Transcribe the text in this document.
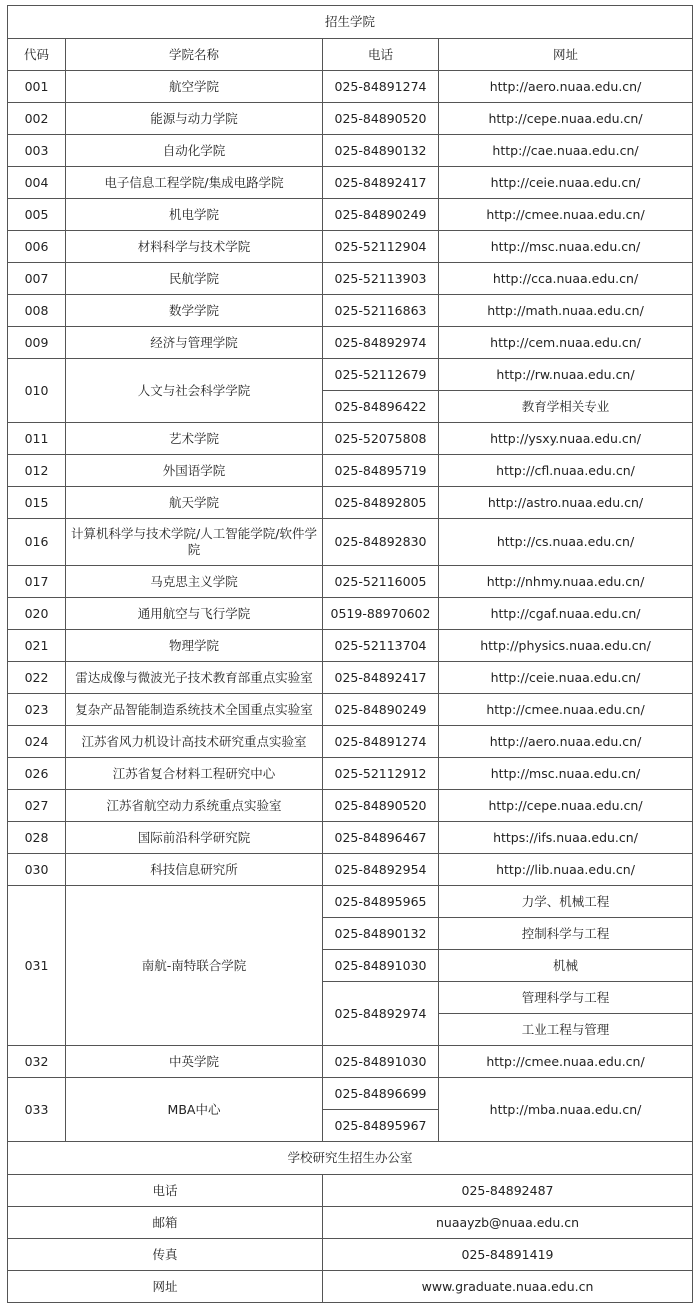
招生学院			
代码	学院名称	电话	网址
001	航空学院	025-84891274	http://aero.nuaa.edu.cn/
002	能源与动力学院	025-84890520	http://cepe.nuaa.edu.cn/
003	自动化学院	025-84890132	http://cae.nuaa.edu.cn/
004	电子信息工程学院/集成电路学院	025-84892417	http://ceie.nuaa.edu.cn/
005	机电学院	025-84890249	http://cmee.nuaa.edu.cn/
006	材料科学与技术学院	025-52112904	http://msc.nuaa.edu.cn/
007	民航学院	025-52113903	http://cca.nuaa.edu.cn/
008	数学学院	025-52116863	http://math.nuaa.edu.cn/
009	经济与管理学院	025-84892974	http://cem.nuaa.edu.cn/
010	人文与社会科学学院	025-52112679	http://rw.nuaa.edu.cn/
		025-84896422	教育学相关专业
011	艺术学院	025-52075808	http://ysxy.nuaa.edu.cn/
012	外国语学院	025-84895719	http://cfl.nuaa.edu.cn/
015	航天学院	025-84892805	http://astro.nuaa.edu.cn/
016	计算机科学与技术学院/人工智能学院/软件学院	025-84892830	http://cs.nuaa.edu.cn/
017	马克思主义学院	025-52116005	http://nhmy.nuaa.edu.cn/
020	通用航空与飞行学院	0519-88970602	http://cgaf.nuaa.edu.cn/
021	物理学院	025-52113704	http://physics.nuaa.edu.cn/
022	雷达成像与微波光子技术教育部重点实验室	025-84892417	http://ceie.nuaa.edu.cn/
023	复杂产品智能制造系统技术全国重点实验室	025-84890249	http://cmee.nuaa.edu.cn/
024	江苏省风力机设计高技术研究重点实验室	025-84891274	http://aero.nuaa.edu.cn/
026	江苏省复合材料工程研究中心	025-52112912	http://msc.nuaa.edu.cn/
027	江苏省航空动力系统重点实验室	025-84890520	http://cepe.nuaa.edu.cn/
028	国际前沿科学研究院	025-84896467	https://ifs.nuaa.edu.cn/
030	科技信息研究所	025-84892954	http://lib.nuaa.edu.cn/
031	南航-南特联合学院	025-84895965	力学、机械工程
		025-84890132	控制科学与工程
		025-84891030	机械
		025-84892974	管理科学与工程
			工业工程与管理
032	中英学院	025-84891030	http://cmee.nuaa.edu.cn/
033	MBA中心	025-84896699	http://mba.nuaa.edu.cn/
		025-84895967	
学校研究生招生办公室			
电话		025-84892487	
邮箱		nuaayzb@nuaa.edu.cn	
传真		025-84891419	
网址		www.graduate.nuaa.edu.cn	
